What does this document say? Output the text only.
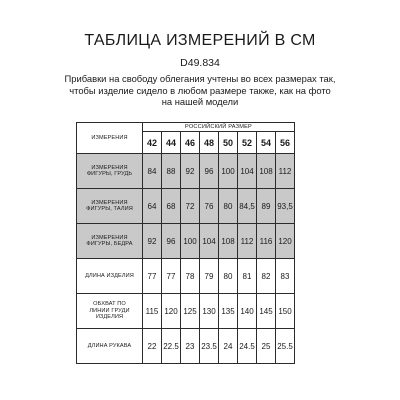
ТАБЛИЦА ИЗМЕРЕНИЙ В СМ
D49.834
Прибавки на свободу облегания учтены во всех размерах так,
чтобы изделие сидело в любом размере также, как на фото
на нашей модели
ИЗМЕРЕНИЯ	РОССИЙСКИЙ РАЗМЕР							
	42	44	46	48	50	52	54	56

ИЗМЕРЕНИЯ
ФИГУРЫ, ГРУДЬ	84	88	92	96	100	104	108	112

ИЗМЕРЕНИЯ
ФИГУРЫ, ТАЛИЯ	64	68	72	76	80	84,5	89	93,5

ИЗМЕРЕНИЯ
ФИГУРЫ, БЕДРА	92	96	100	104	108	112	116	120

ДЛИНА ИЗДЕЛИЯ	77	77	78	79	80	81	82	83

ОБХВАТ ПО
ЛИНИИ ГРУДИ
ИЗДЕЛИЯ	115	120	125	130	135	140	145	150

ДЛИНА РУКАВА	22	22.5	23	23.5	24	24.5	25	25.5
